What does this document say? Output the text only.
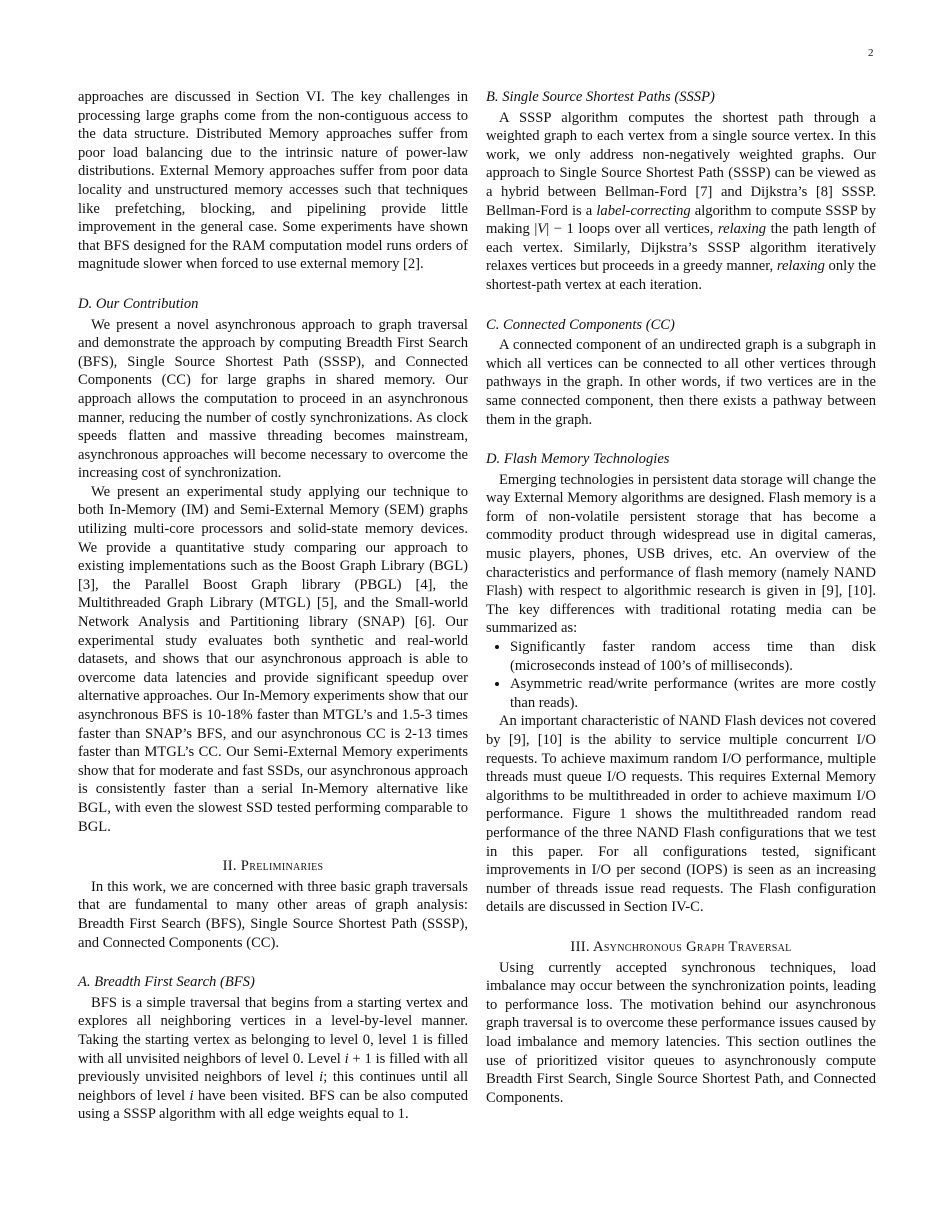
2

approaches are discussed in Section VI. The key challenges in processing large graphs come from the non-contiguous access to the data structure. Distributed Memory approaches suffer from poor load balancing due to the intrinsic nature of power-law distributions. External Memory approaches suffer from poor data locality and unstructured memory accesses such that techniques like prefetching, blocking, and pipelining provide little improvement in the general case. Some experiments have shown that BFS designed for the RAM computation model runs orders of magnitude slower when forced to use external memory [2].

D. Our Contribution

We present a novel asynchronous approach to graph traversal and demonstrate the approach by computing Breadth First Search (BFS), Single Source Shortest Path (SSSP), and Connected Components (CC) for large graphs in shared memory. Our approach allows the computation to proceed in an asynchronous manner, reducing the number of costly synchronizations. As clock speeds flatten and massive threading becomes mainstream, asynchronous approaches will become necessary to overcome the increasing cost of synchronization.

We present an experimental study applying our technique to both In-Memory (IM) and Semi-External Memory (SEM) graphs utilizing multi-core processors and solid-state memory devices. We provide a quantitative study comparing our approach to existing implementations such as the Boost Graph Library (BGL) [3], the Parallel Boost Graph library (PBGL) [4], the Multithreaded Graph Library (MTGL) [5], and the Small-world Network Analysis and Partitioning library (SNAP) [6]. Our experimental study evaluates both synthetic and real-world datasets, and shows that our asynchronous approach is able to overcome data latencies and provide significant speedup over alternative approaches. Our In-Memory experiments show that our asynchronous BFS is 10-18% faster than MTGL’s and 1.5-3 times faster than SNAP’s BFS, and our asynchronous CC is 2-13 times faster than MTGL’s CC. Our Semi-External Memory experiments show that for moderate and fast SSDs, our asynchronous approach is consistently faster than a serial In-Memory alternative like BGL, with even the slowest SSD tested performing comparable to BGL.

II. Preliminaries

In this work, we are concerned with three basic graph traversals that are fundamental to many other areas of graph analysis: Breadth First Search (BFS), Single Source Shortest Path (SSSP), and Connected Components (CC).

A. Breadth First Search (BFS)

BFS is a simple traversal that begins from a starting vertex and explores all neighboring vertices in a level-by-level manner. Taking the starting vertex as belonging to level 0, level 1 is filled with all unvisited neighbors of level 0. Level i + 1 is filled with all previously unvisited neighbors of level i; this continues until all neighbors of level i have been visited. BFS can be also computed using a SSSP algorithm with all edge weights equal to 1.

B. Single Source Shortest Paths (SSSP)

A SSSP algorithm computes the shortest path through a weighted graph to each vertex from a single source vertex. In this work, we only address non-negatively weighted graphs. Our approach to Single Source Shortest Path (SSSP) can be viewed as a hybrid between Bellman-Ford [7] and Dijkstra’s [8] SSSP. Bellman-Ford is a label-correcting algorithm to compute SSSP by making |V| − 1 loops over all vertices, relaxing the path length of each vertex. Similarly, Dijkstra’s SSSP algorithm iteratively relaxes vertices but proceeds in a greedy manner, relaxing only the shortest-path vertex at each iteration.

C. Connected Components (CC)

A connected component of an undirected graph is a subgraph in which all vertices can be connected to all other vertices through pathways in the graph. In other words, if two vertices are in the same connected component, then there exists a pathway between them in the graph.

D. Flash Memory Technologies

Emerging technologies in persistent data storage will change the way External Memory algorithms are designed. Flash memory is a form of non-volatile persistent storage that has become a commodity product through widespread use in digital cameras, music players, phones, USB drives, etc. An overview of the characteristics and performance of flash memory (namely NAND Flash) with respect to algorithmic research is given in [9], [10]. The key differences with traditional rotating media can be summarized as:

• Significantly faster random access time than disk (microseconds instead of 100’s of milliseconds).
• Asymmetric read/write performance (writes are more costly than reads).

An important characteristic of NAND Flash devices not covered by [9], [10] is the ability to service multiple concurrent I/O requests. To achieve maximum random I/O performance, multiple threads must queue I/O requests. This requires External Memory algorithms to be multithreaded in order to achieve maximum I/O performance. Figure 1 shows the multithreaded random read performance of the three NAND Flash configurations that we test in this paper. For all configurations tested, significant improvements in I/O per second (IOPS) is seen as an increasing number of threads issue read requests. The Flash configuration details are discussed in Section IV-C.

III. Asynchronous Graph Traversal

Using currently accepted synchronous techniques, load imbalance may occur between the synchronization points, leading to performance loss. The motivation behind our asynchronous graph traversal is to overcome these performance issues caused by load imbalance and memory latencies. This section outlines the use of prioritized visitor queues to asynchronously compute Breadth First Search, Single Source Shortest Path, and Connected Components.
